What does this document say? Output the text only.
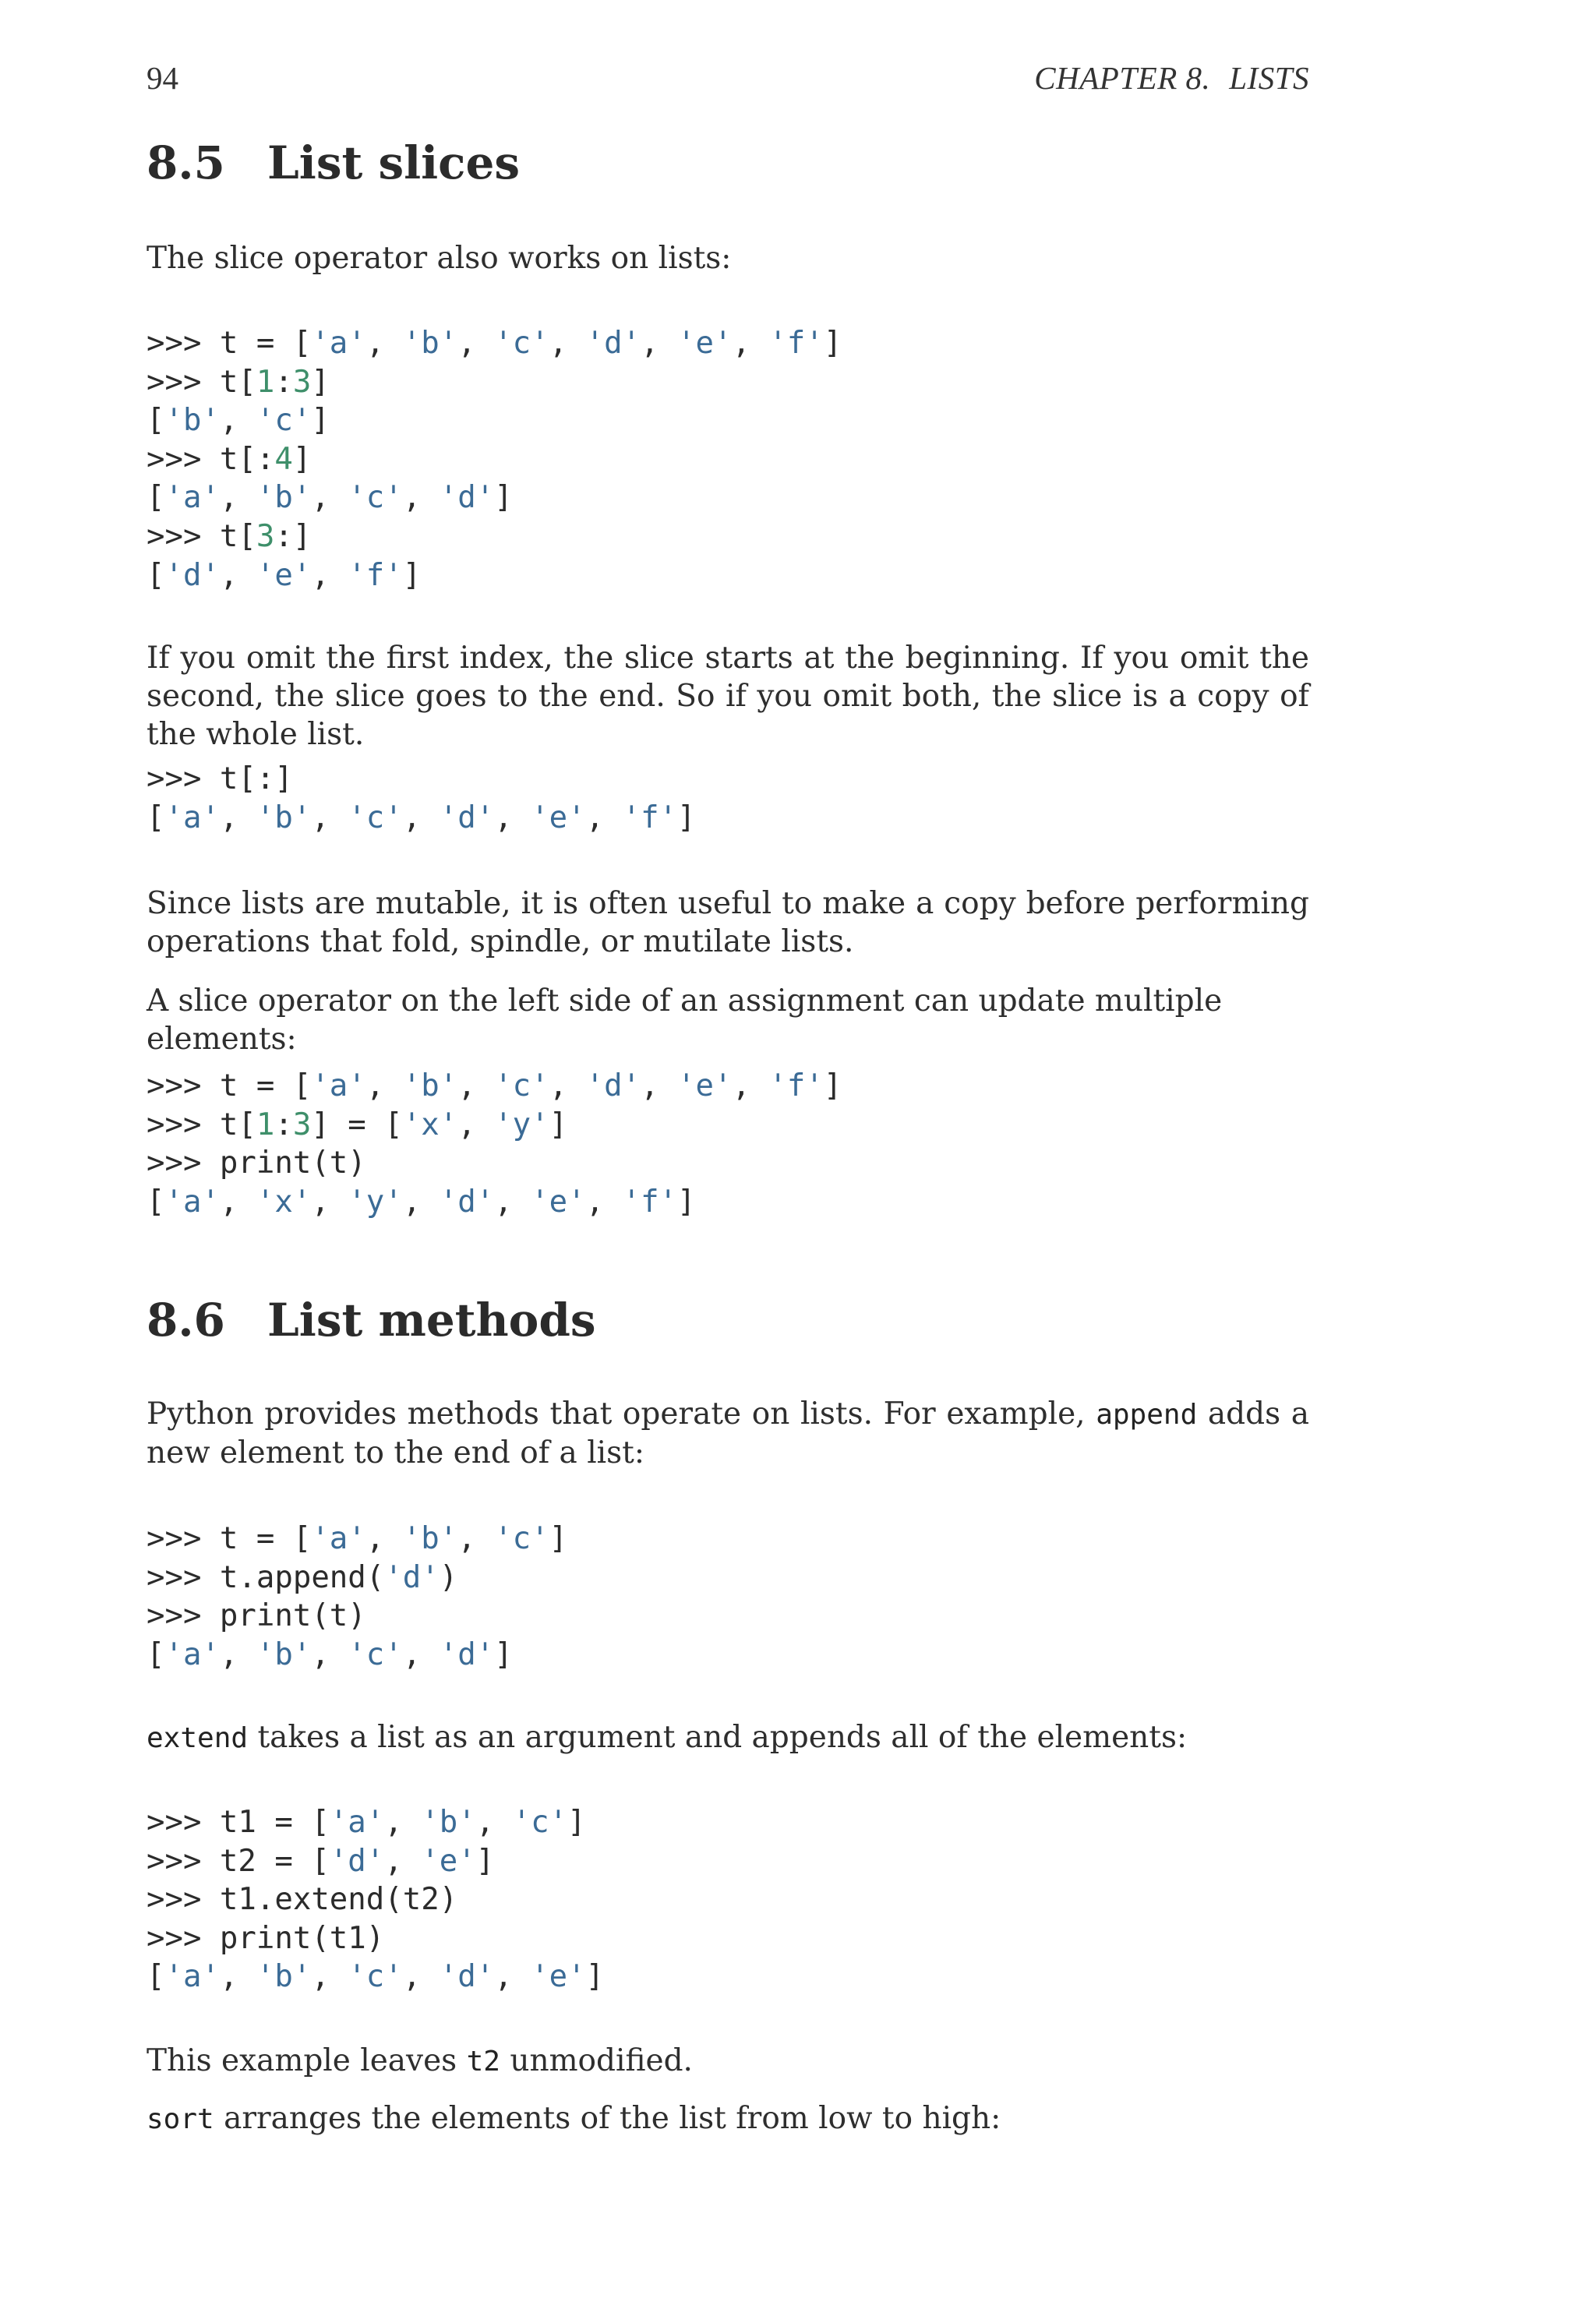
94	CHAPTER 8. LISTS
8.5 List slices

The slice operator also works on lists:

>>> t = ['a', 'b', 'c', 'd', 'e', 'f']
>>> t[1:3]
['b', 'c']
>>> t[:4]
['a', 'b', 'c', 'd']
>>> t[3:]
['d', 'e', 'f']

If you omit the first index, the slice starts at the beginning. If you omit the second, the slice goes to the end. So if you omit both, the slice is a copy of the whole list.

>>> t[:]
['a', 'b', 'c', 'd', 'e', 'f']

Since lists are mutable, it is often useful to make a copy before performing operations that fold, spindle, or mutilate lists.

A slice operator on the left side of an assignment can update multiple elements:

>>> t = ['a', 'b', 'c', 'd', 'e', 'f']
>>> t[1:3] = ['x', 'y']
>>> print(t)
['a', 'x', 'y', 'd', 'e', 'f']
8.6 List methods

Python provides methods that operate on lists. For example, append adds a new element to the end of a list:

>>> t = ['a', 'b', 'c']
>>> t.append('d')
>>> print(t)
['a', 'b', 'c', 'd']

extend takes a list as an argument and appends all of the elements:

>>> t1 = ['a', 'b', 'c']
>>> t2 = ['d', 'e']
>>> t1.extend(t2)
>>> print(t1)
['a', 'b', 'c', 'd', 'e']

This example leaves t2 unmodified.

sort arranges the elements of the list from low to high:
